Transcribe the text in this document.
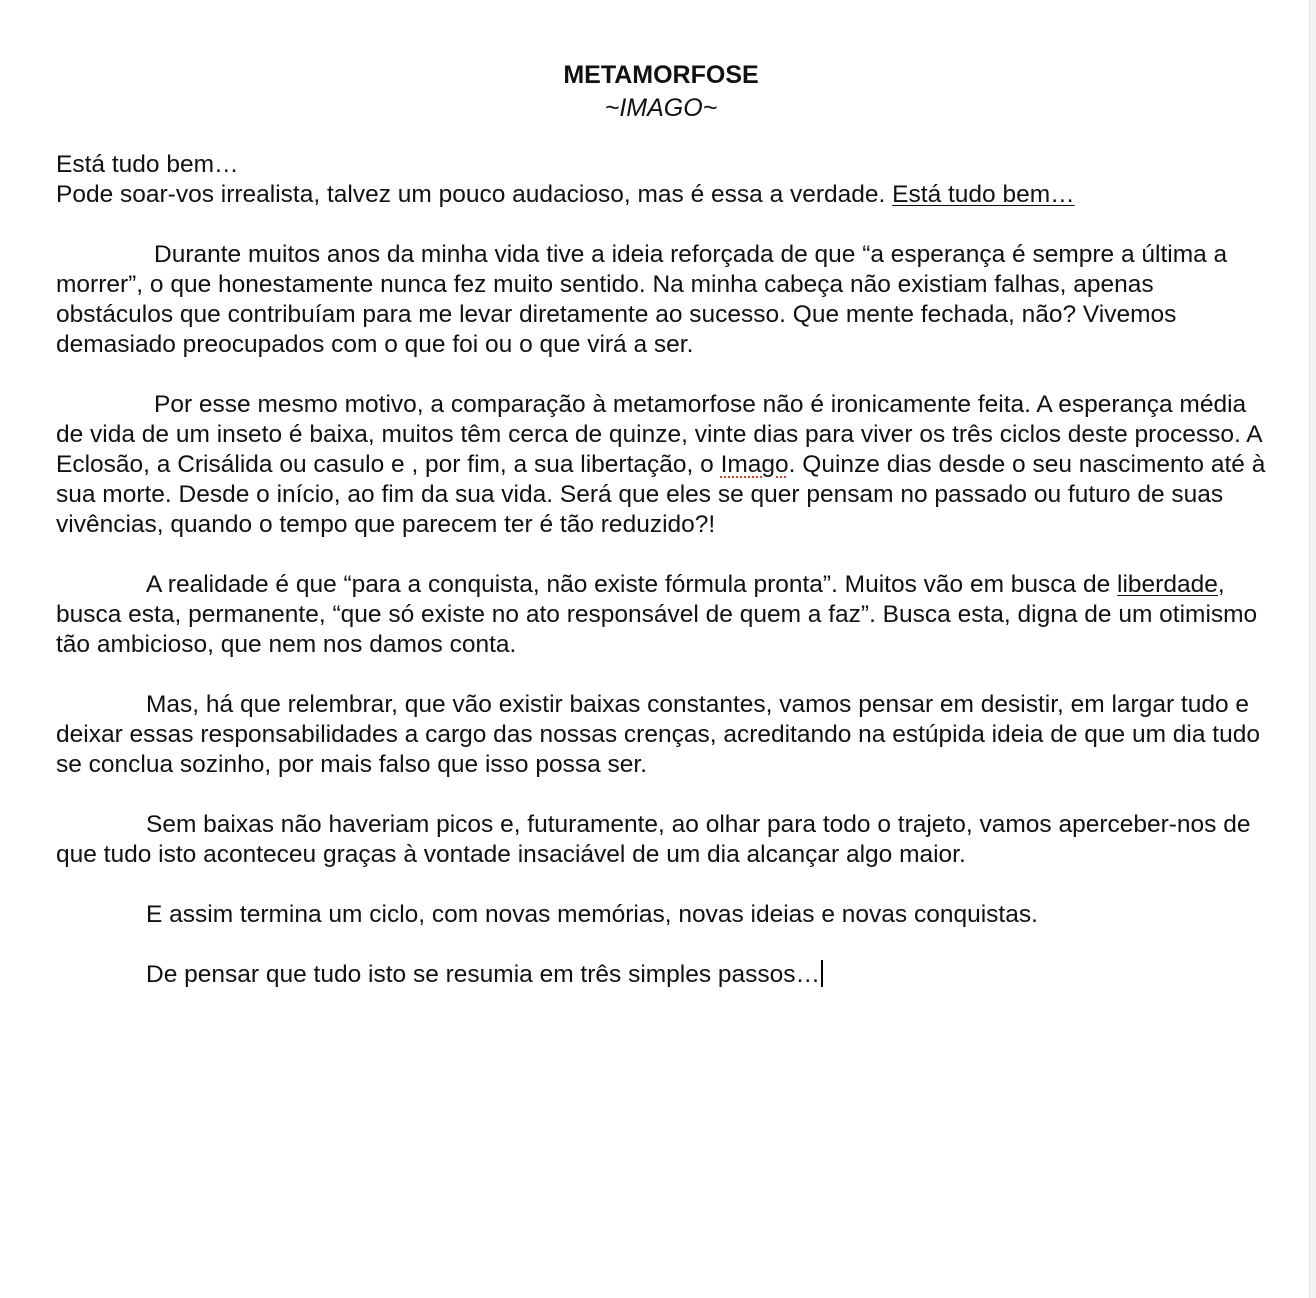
METAMORFOSE
~IMAGO~

Está tudo bem…

Pode soar-vos irrealista, talvez um pouco audacioso, mas é essa a verdade. Está tudo bem…

Durante muitos anos da minha vida tive a ideia reforçada de que “a esperança é sempre a última a morrer”, o que honestamente nunca fez muito sentido. Na minha cabeça não existiam falhas, apenas obstáculos que contribuíam para me levar diretamente ao sucesso. Que mente fechada, não? Vivemos demasiado preocupados com o que foi ou o que virá a ser.

Por esse mesmo motivo, a comparação à metamorfose não é ironicamente feita. A esperança média de vida de um inseto é baixa, muitos têm cerca de quinze, vinte dias para viver os três ciclos deste processo. A Eclosão, a Crisálida ou casulo e , por fim, a sua libertação, o Imago. Quinze dias desde o seu nascimento até à sua morte. Desde o início, ao fim da sua vida. Será que eles se quer pensam no passado ou futuro de suas vivências, quando o tempo que parecem ter é tão reduzido?!

A realidade é que “para a conquista, não existe fórmula pronta”. Muitos vão em busca de liberdade, busca esta, permanente, “que só existe no ato responsável de quem a faz”. Busca esta, digna de um otimismo tão ambicioso, que nem nos damos conta.

Mas, há que relembrar, que vão existir baixas constantes, vamos pensar em desistir, em largar tudo e deixar essas responsabilidades a cargo das nossas crenças, acreditando na estúpida ideia de que um dia tudo se conclua sozinho, por mais falso que isso possa ser.

Sem baixas não haveriam picos e, futuramente, ao olhar para todo o trajeto, vamos aperceber-nos de que tudo isto aconteceu graças à vontade insaciável de um dia alcançar algo maior.

E assim termina um ciclo, com novas memórias, novas ideias e novas conquistas.

De pensar que tudo isto se resumia em três simples passos…
